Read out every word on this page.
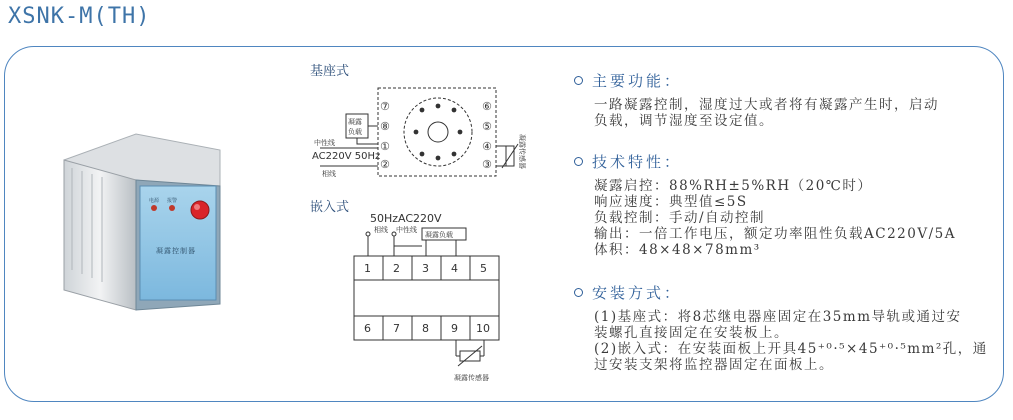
XSNK-M(TH)
电源 报警
凝露控制器
基座式
⑦
⑧
①
②
⑥
⑤
④
③
凝露
负载
中性线
AC220V 50Hz
相线
凝露传感器
嵌入式
50HzAC220V
相线 中性线
凝露负载
1 2 3 4 5
6 7 8 9 10
凝露传感器
主要功能：

一路凝露控制，湿度过大或者将有凝露产生时，启动
负载，调节湿度至设定值。

技术特性：

凝露启控：88%RH±5%RH（20℃时）
响应速度：典型值≤5S
负载控制：手动/自动控制
输出：一倍工作电压，额定功率阻性负载AC220V/5A
体积：48×48×78mm³

安装方式：

(1)基座式：将8芯继电器座固定在35mm导轨或通过安
装螺孔直接固定在安装板上。
(2)嵌入式：在安装面板上开具45⁺⁰·⁵×45⁺⁰·⁵mm²孔，通
过安装支架将监控器固定在面板上。
